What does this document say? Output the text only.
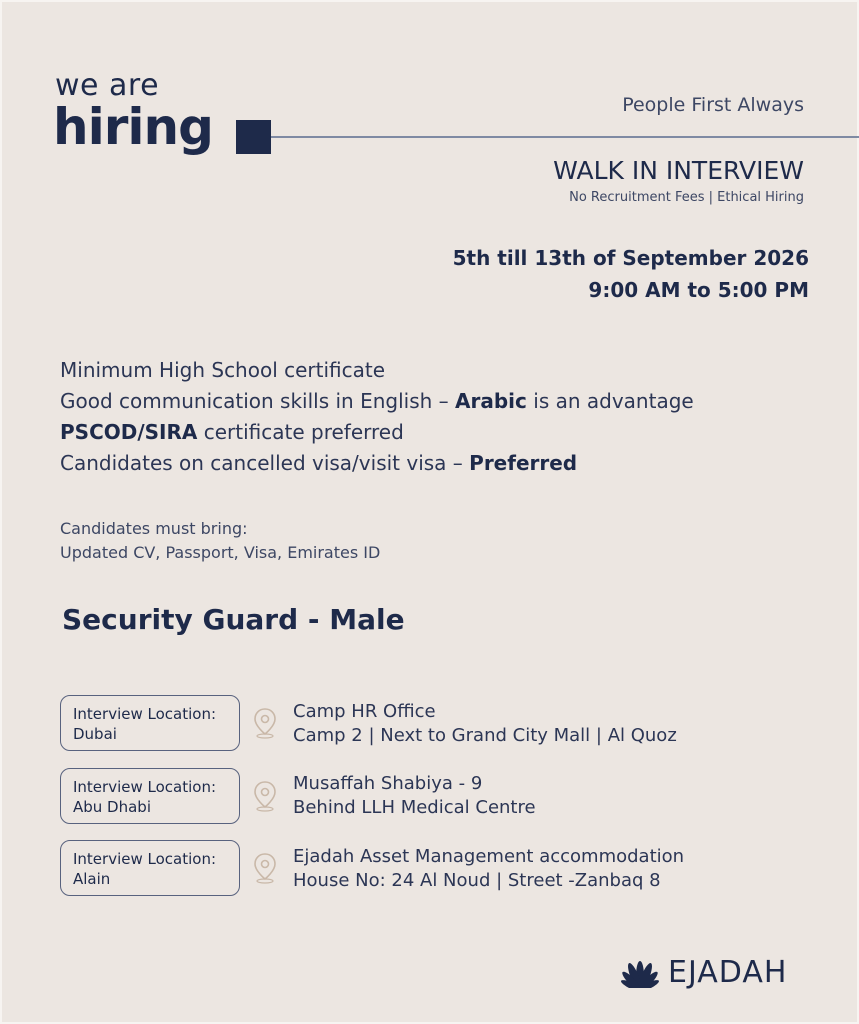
we are
hiring	People First Always
WALK IN INTERVIEW
No Recruitment Fees | Ethical Hiring
5th till 13th of September 2026
9:00 AM to 5:00 PM
Minimum High School certificate
Good communication skills in English – Arabic is an advantage
PSCOD/SIRA certificate preferred
Candidates on cancelled visa/visit visa – Preferred
Candidates must bring:
Updated CV, Passport, Visa, Emirates ID
Security Guard - Male
Interview Location:
Dubai
Camp HR Office
Camp 2 | Next to Grand City Mall | Al Quoz
Interview Location:
Abu Dhabi
Musaffah Shabiya - 9
Behind LLH Medical Centre
Interview Location:
Alain
Ejadah Asset Management accommodation
House No: 24 Al Noud | Street -Zanbaq 8
EJADAH
